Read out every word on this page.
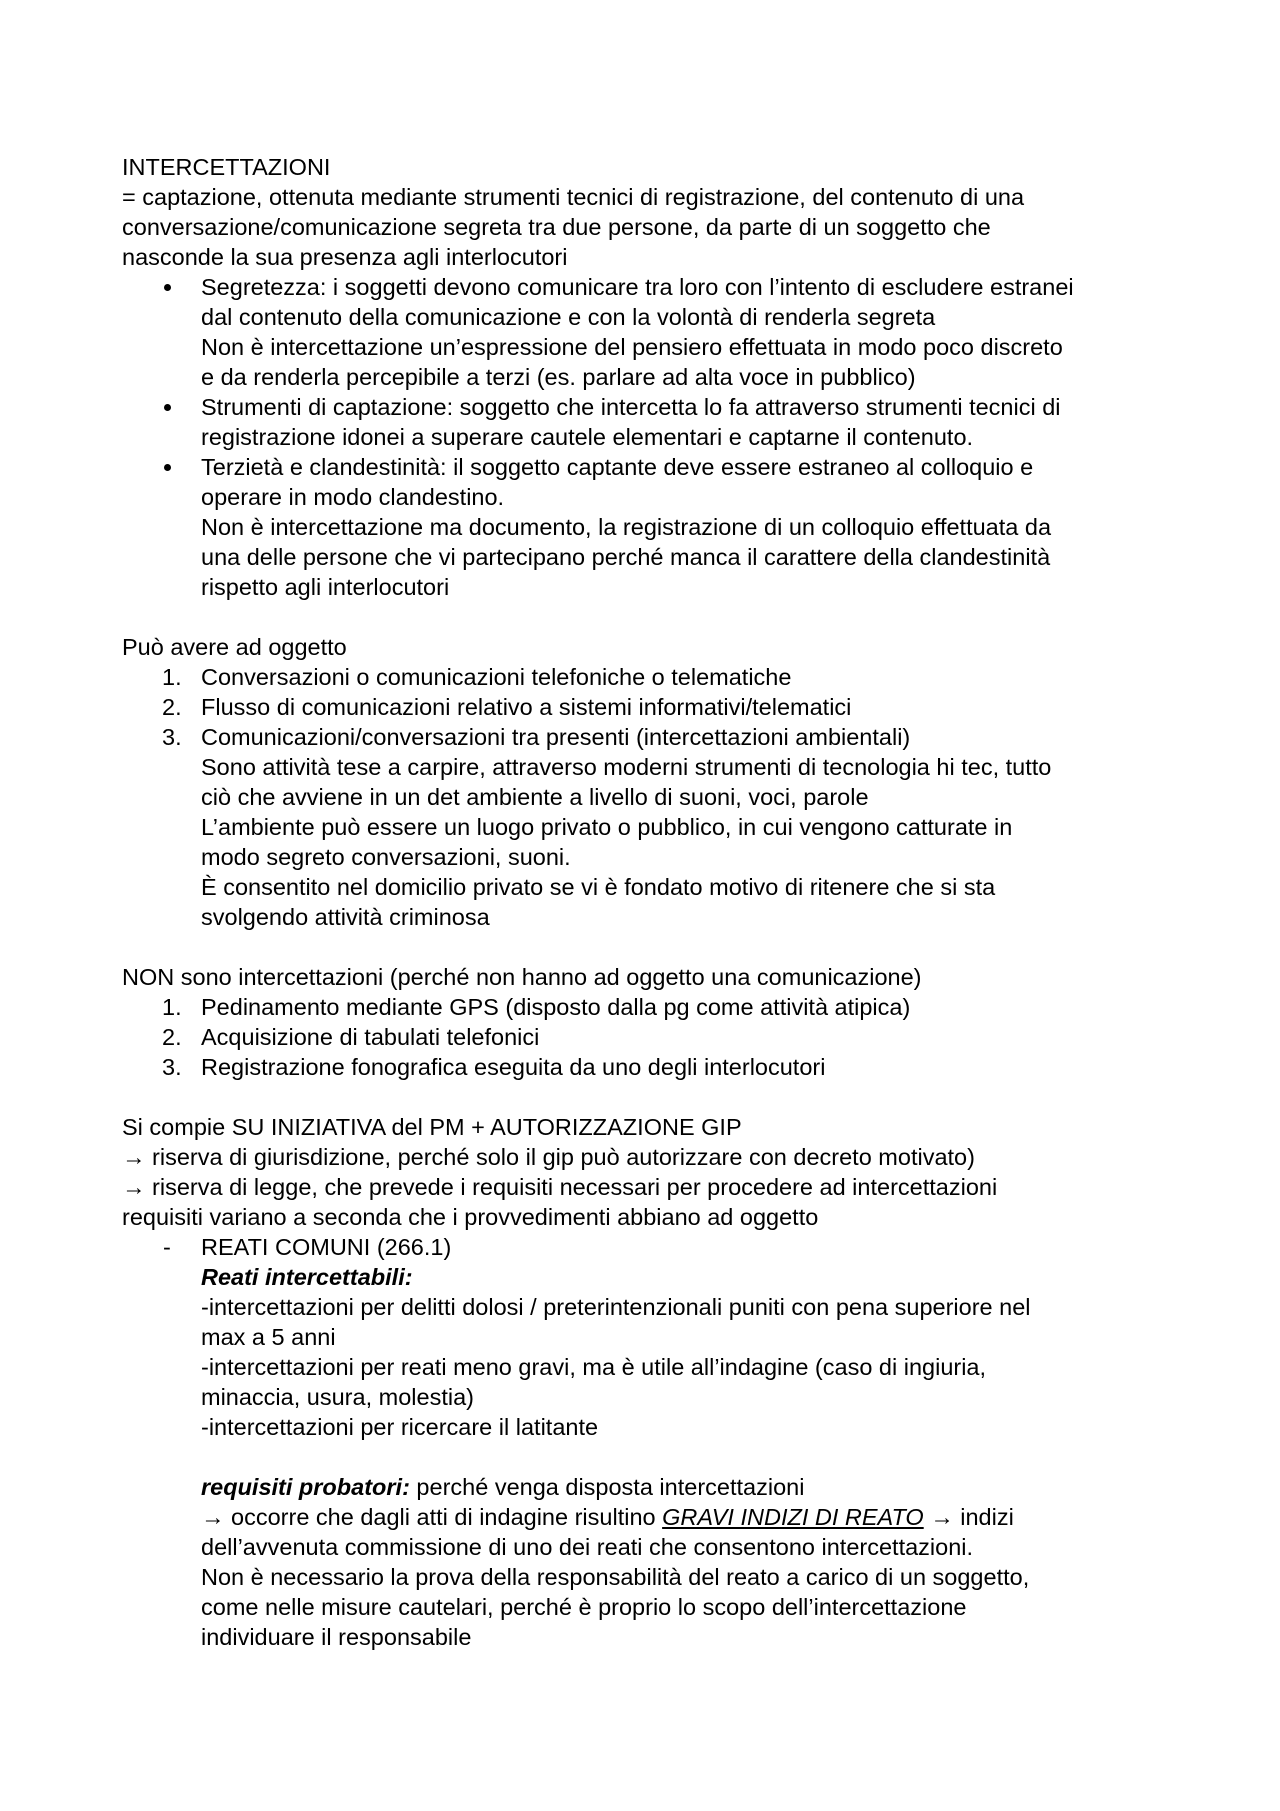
INTERCETTAZIONI
= captazione, ottenuta mediante strumenti tecnici di registrazione, del contenuto di una
conversazione/comunicazione segreta tra due persone, da parte di un soggetto che
nasconde la sua presenza agli interlocutori
Segretezza: i soggetti devono comunicare tra loro con l’intento di escludere estranei
dal contenuto della comunicazione e con la volontà di renderla segreta
Non è intercettazione un’espressione del pensiero effettuata in modo poco discreto
e da renderla percepibile a terzi (es. parlare ad alta voce in pubblico)
Strumenti di captazione: soggetto che intercetta lo fa attraverso strumenti tecnici di
registrazione idonei a superare cautele elementari e captarne il contenuto.
Terzietà e clandestinità: il soggetto captante deve essere estraneo al colloquio e
operare in modo clandestino.
Non è intercettazione ma documento, la registrazione di un colloquio effettuata da
una delle persone che vi partecipano perché manca il carattere della clandestinità
rispetto agli interlocutori
Può avere ad oggetto
1. Conversazioni o comunicazioni telefoniche o telematiche
2. Flusso di comunicazioni relativo a sistemi informativi/telematici
3. Comunicazioni/conversazioni tra presenti (intercettazioni ambientali)
Sono attività tese a carpire, attraverso moderni strumenti di tecnologia hi tec, tutto
ciò che avviene in un det ambiente a livello di suoni, voci, parole
L’ambiente può essere un luogo privato o pubblico, in cui vengono catturate in
modo segreto conversazioni, suoni.
È consentito nel domicilio privato se vi è fondato motivo di ritenere che si sta
svolgendo attività criminosa
NON sono intercettazioni (perché non hanno ad oggetto una comunicazione)
1. Pedinamento mediante GPS (disposto dalla pg come attività atipica)
2. Acquisizione di tabulati telefonici
3. Registrazione fonografica eseguita da uno degli interlocutori
Si compie SU INIZIATIVA del PM + AUTORIZZAZIONE GIP
→ riserva di giurisdizione, perché solo il gip può autorizzare con decreto motivato)
→ riserva di legge, che prevede i requisiti necessari per procedere ad intercettazioni
requisiti variano a seconda che i provvedimenti abbiano ad oggetto
-	REATI COMUNI (266.1)
Reati intercettabili:
-intercettazioni per delitti dolosi / preterintenzionali puniti con pena superiore nel
max a 5 anni
-intercettazioni per reati meno gravi, ma è utile all’indagine (caso di ingiuria,
minaccia, usura, molestia)
-intercettazioni per ricercare il latitante
requisiti probatori: perché venga disposta intercettazioni
→ occorre che dagli atti di indagine risultino GRAVI INDIZI DI REATO → indizi
dell’avvenuta commissione di uno dei reati che consentono intercettazioni.
Non è necessario la prova della responsabilità del reato a carico di un soggetto,
come nelle misure cautelari, perché è proprio lo scopo dell’intercettazione
individuare il responsabile
